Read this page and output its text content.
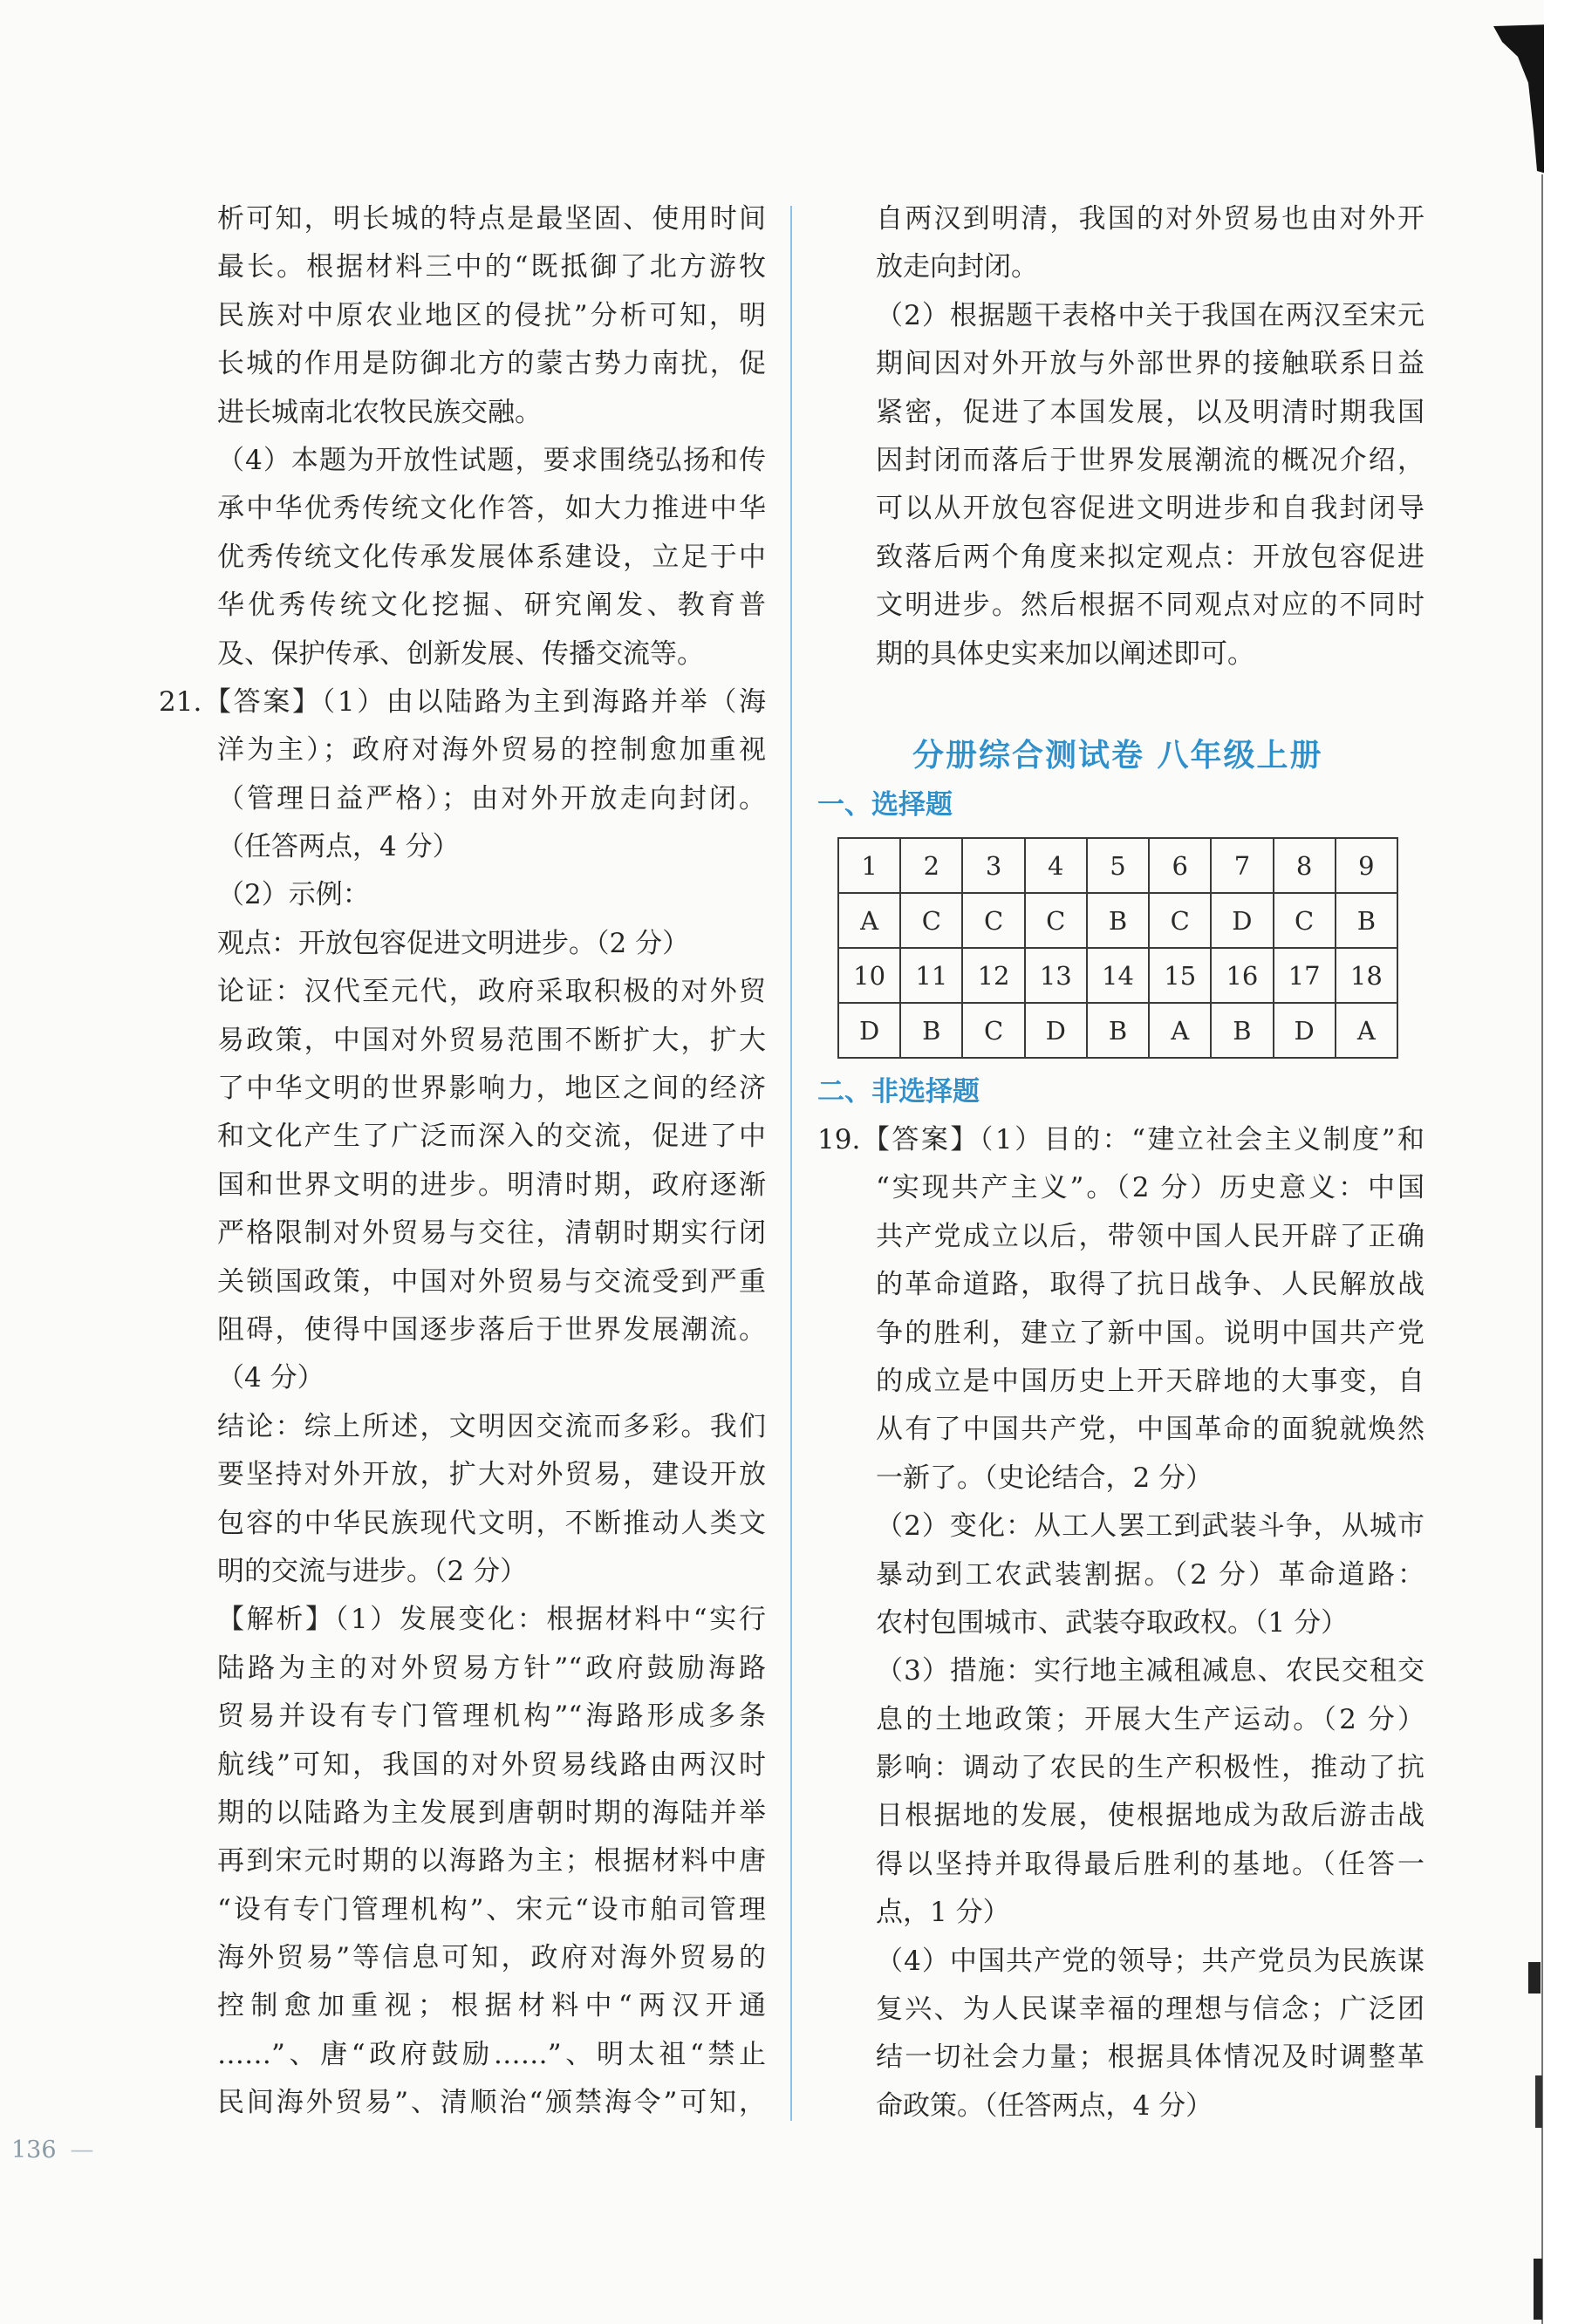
析可知，明长城的特点是最坚固、使用时间
最长。根据材料三中的“既抵御了北方游牧
民族对中原农业地区的侵扰”分析可知，明
长城的作用是防御北方的蒙古势力南扰，促
进长城南北农牧民族交融。
（4）本题为开放性试题，要求围绕弘扬和传
承中华优秀传统文化作答，如大力推进中华
优秀传统文化传承发展体系建设，立足于中
华优秀传统文化挖掘、研究阐发、教育普
及、保护传承、创新发展、传播交流等。
21.【答案】（1）由以陆路为主到海路并举（海
洋为主）；政府对海外贸易的控制愈加重视
（管理日益严格）；由对外开放走向封闭。
（任答两点，4 分）
（2）示例：
观点：开放包容促进文明进步。（2 分）
论证：汉代至元代，政府采取积极的对外贸
易政策，中国对外贸易范围不断扩大，扩大
了中华文明的世界影响力，地区之间的经济
和文化产生了广泛而深入的交流，促进了中
国和世界文明的进步。明清时期，政府逐渐
严格限制对外贸易与交往，清朝时期实行闭
关锁国政策，中国对外贸易与交流受到严重
阻碍，使得中国逐步落后于世界发展潮流。
（4 分）
结论：综上所述，文明因交流而多彩。我们
要坚持对外开放，扩大对外贸易，建设开放
包容的中华民族现代文明，不断推动人类文
明的交流与进步。（2 分）
【解析】（1）发展变化：根据材料中“实行
陆路为主的对外贸易方针”“政府鼓励海路
贸易并设有专门管理机构”“海路形成多条
航线”可知，我国的对外贸易线路由两汉时
期的以陆路为主发展到唐朝时期的海陆并举
再到宋元时期的以海路为主；根据材料中唐
“设有专门管理机构”、宋元“设市舶司管理
海外贸易”等信息可知，政府对海外贸易的
控制愈加重视；根据材料中“两汉开通
……”、唐“政府鼓励……”、明太祖“禁止
民间海外贸易”、清顺治“颁禁海令”可知，
自两汉到明清，我国的对外贸易也由对外开
放走向封闭。
（2）根据题干表格中关于我国在两汉至宋元
期间因对外开放与外部世界的接触联系日益
紧密，促进了本国发展，以及明清时期我国
因封闭而落后于世界发展潮流的概况介绍，
可以从开放包容促进文明进步和自我封闭导
致落后两个角度来拟定观点：开放包容促进
文明进步。然后根据不同观点对应的不同时
期的具体史实来加以阐述即可。
分册综合测试卷 八年级上册
一、选择题
1	2	3	4	5	6	7	8	9
A	C	C	C	B	C	D	C	B
10	11	12	13	14	15	16	17	18
D	B	C	D	B	A	B	D	A
二、非选择题
19.【答案】（1）目的：“建立社会主义制度”和
“实现共产主义”。（2 分）历史意义：中国
共产党成立以后，带领中国人民开辟了正确
的革命道路，取得了抗日战争、人民解放战
争的胜利，建立了新中国。说明中国共产党
的成立是中国历史上开天辟地的大事变，自
从有了中国共产党，中国革命的面貌就焕然
一新了。（史论结合，2 分）
（2）变化：从工人罢工到武装斗争，从城市
暴动到工农武装割据。（2 分）革命道路：
农村包围城市、武装夺取政权。（1 分）
（3）措施：实行地主减租减息、农民交租交
息的土地政策；开展大生产运动。（2 分）
影响：调动了农民的生产积极性，推动了抗
日根据地的发展，使根据地成为敌后游击战
得以坚持并取得最后胜利的基地。（任答一
点，1 分）
（4）中国共产党的领导；共产党员为民族谋
复兴、为人民谋幸福的理想与信念；广泛团
结一切社会力量；根据具体情况及时调整革
命政策。（任答两点，4 分）
136 —
